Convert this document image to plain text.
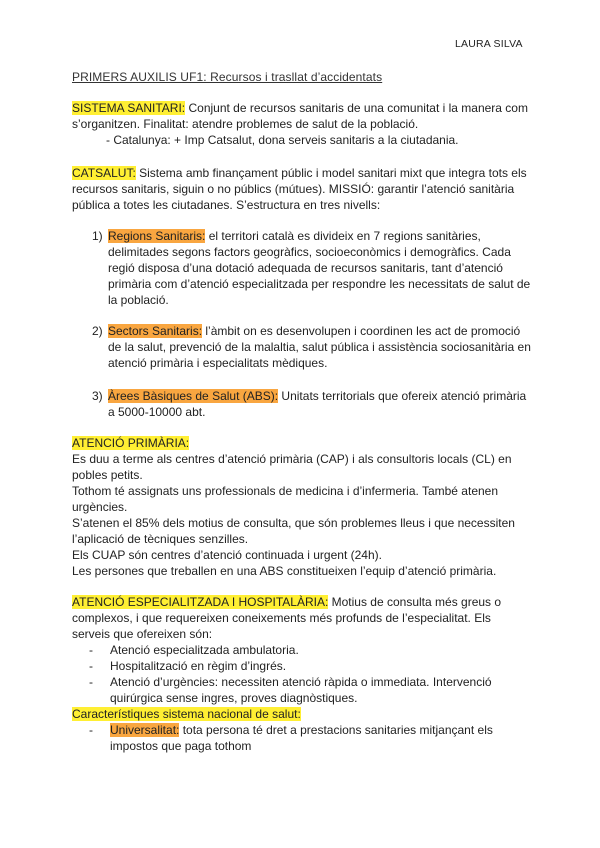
LAURA SILVA
PRIMERS AUXILIS UF1: Recursos i trasllat d’accidentats
SISTEMA SANITARI: Conjunt de recursos sanitaris de una comunitat i la manera com s’organitzen. Finalitat: atendre problemes de salut de la població.
- Catalunya: + Imp Catsalut, dona serveis sanitaris a la ciutadania.
CATSALUT: Sistema amb finançament públic i model sanitari mixt que integra tots els recursos sanitaris, siguin o no públics (mútues). MISSIÓ: garantir l’atenció sanitària pública a totes les ciutadanes. S’estructura en tres nivells:
1) Regions Sanitaris: el territori català es divideix en 7 regions sanitàries, delimitades segons factors geogràfics, socioeconòmics i demogràfics. Cada regió disposa d’una dotació adequada de recursos sanitaris, tant d’atenció primària com d’atenció especialitzada per respondre les necessitats de salut de la població.
2) Sectors Sanitaris: l’àmbit on es desenvolupen i coordinen les act de promoció de la salut, prevenció de la malaltia, salut pública i assistència sociosanitària en atenció primària i especialitats mèdiques.
3) Àrees Bàsiques de Salut (ABS): Unitats territorials que ofereix atenció primària a 5000-10000 abt.
ATENCIÓ PRIMÀRIA:
Es duu a terme als centres d’atenció primària (CAP) i als consultoris locals (CL) en pobles petits.
Tothom té assignats uns professionals de medicina i d’infermeria. També atenen urgències.
S’atenen el 85% dels motius de consulta, que són problemes lleus i que necessiten l’aplicació de tècniques senzilles.
Els CUAP són centres d’atenció continuada i urgent (24h).
Les persones que treballen en una ABS constitueixen l’equip d’atenció primària.
ATENCIÓ ESPECIALITZADA I HOSPITALÀRIA: Motius de consulta més greus o complexos, i que requereixen coneixements més profunds de l’especialitat. Els serveis que ofereixen són:
- Atenció especialitzada ambulatoria.
- Hospitalització en règim d’ingrés.
- Atenció d’urgències: necessiten atenció ràpida o immediata. Intervenció quirúrgica sense ingres, proves diagnòstiques.
Característiques sistema nacional de salut:
- Universalitat: tota persona té dret a prestacions sanitaries mitjançant els impostos que paga tothom
